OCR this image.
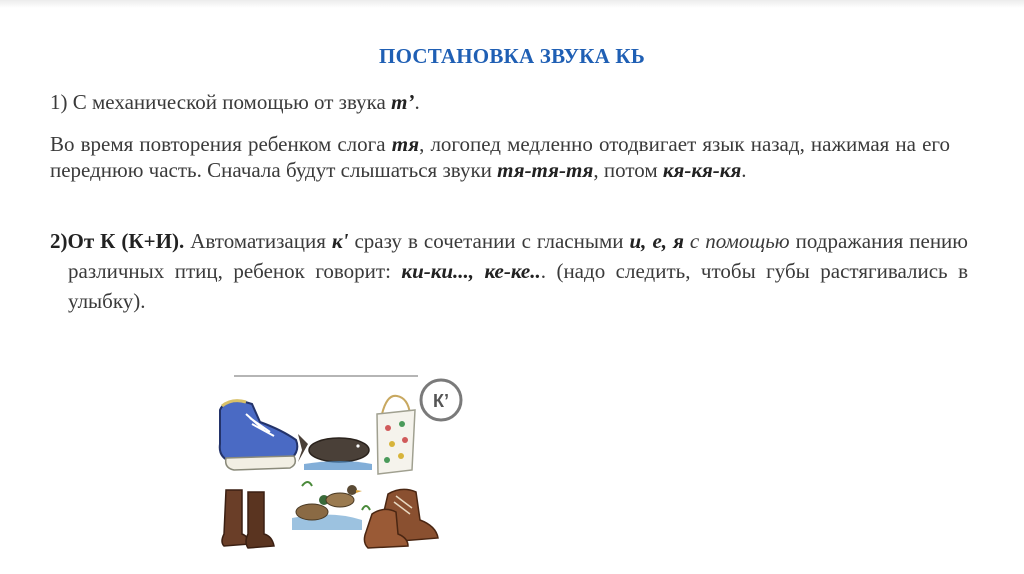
ПОСТАНОВКА ЗВУКА КЬ
1) С механической помощью от звука т’.
Во время повторения ребенком слога тя, логопед медленно отодвигает язык назад, нажимая на его переднюю часть. Сначала будут слышаться звуки тя-тя-тя, потом кя-кя-кя.
2)От К (К+И). Автоматизация к' сразу в сочетании с гласными и, е, я с помощью подражания пению различных птиц, ребенок говорит: ки-ки..., ке-ке... (надо следить, чтобы губы растягивались в улыбку).
К’
